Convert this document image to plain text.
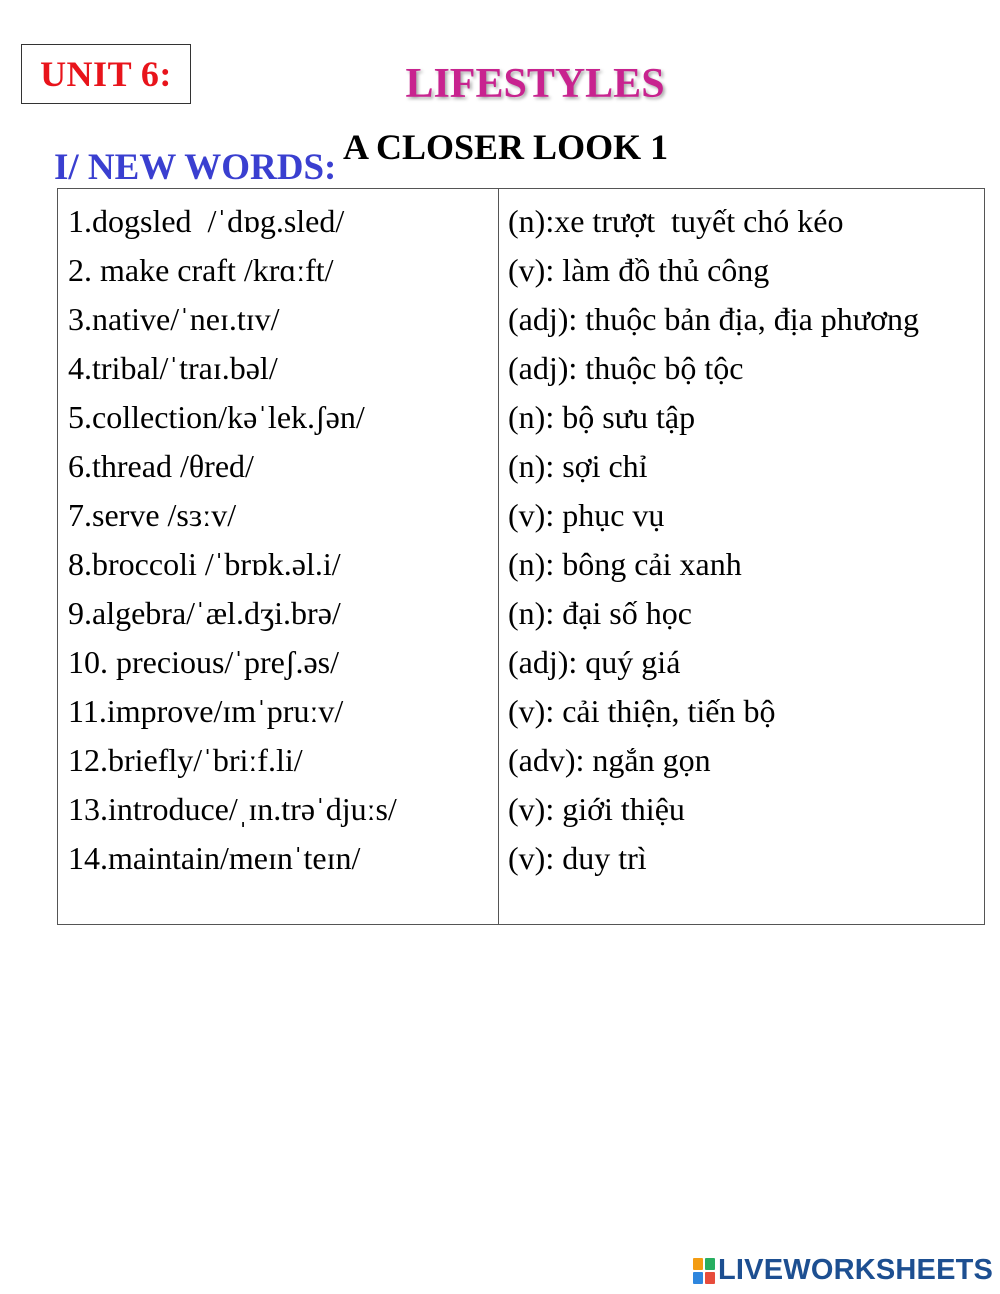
UNIT 6:	LIFESTYLES
A CLOSER LOOK 1
I/ NEW WORDS:
1.dogsled  /ˈdɒg.sled/
2. make craft /krɑːft/
3.native/ˈneɪ.tɪv/
4.tribal/ˈtraɪ.bəl/
5.collection/kəˈlek.ʃən/
6.thread /θred/
7.serve /sɜːv/
8.broccoli /ˈbrɒk.əl.i/
9.algebra/ˈæl.dʒi.brə/
10. precious/ˈpreʃ.əs/
11.improve/ɪmˈpruːv/
12.briefly/ˈbriːf.li/
13.introduce/ˌɪn.trəˈdjuːs/
14.maintain/meɪnˈteɪn/
(n):xe trượt  tuyết chó kéo
(v): làm đồ thủ công
(adj): thuộc bản địa, địa phương
(adj): thuộc bộ tộc
(n): bộ sưu tập
(n): sợi chỉ
(v): phục vụ
(n): bông cải xanh
(n): đại số học
(adj): quý giá
(v): cải thiện, tiến bộ
(adv): ngắn gọn
(v): giới thiệu
(v): duy trì
LIVEWORKSHEETS
